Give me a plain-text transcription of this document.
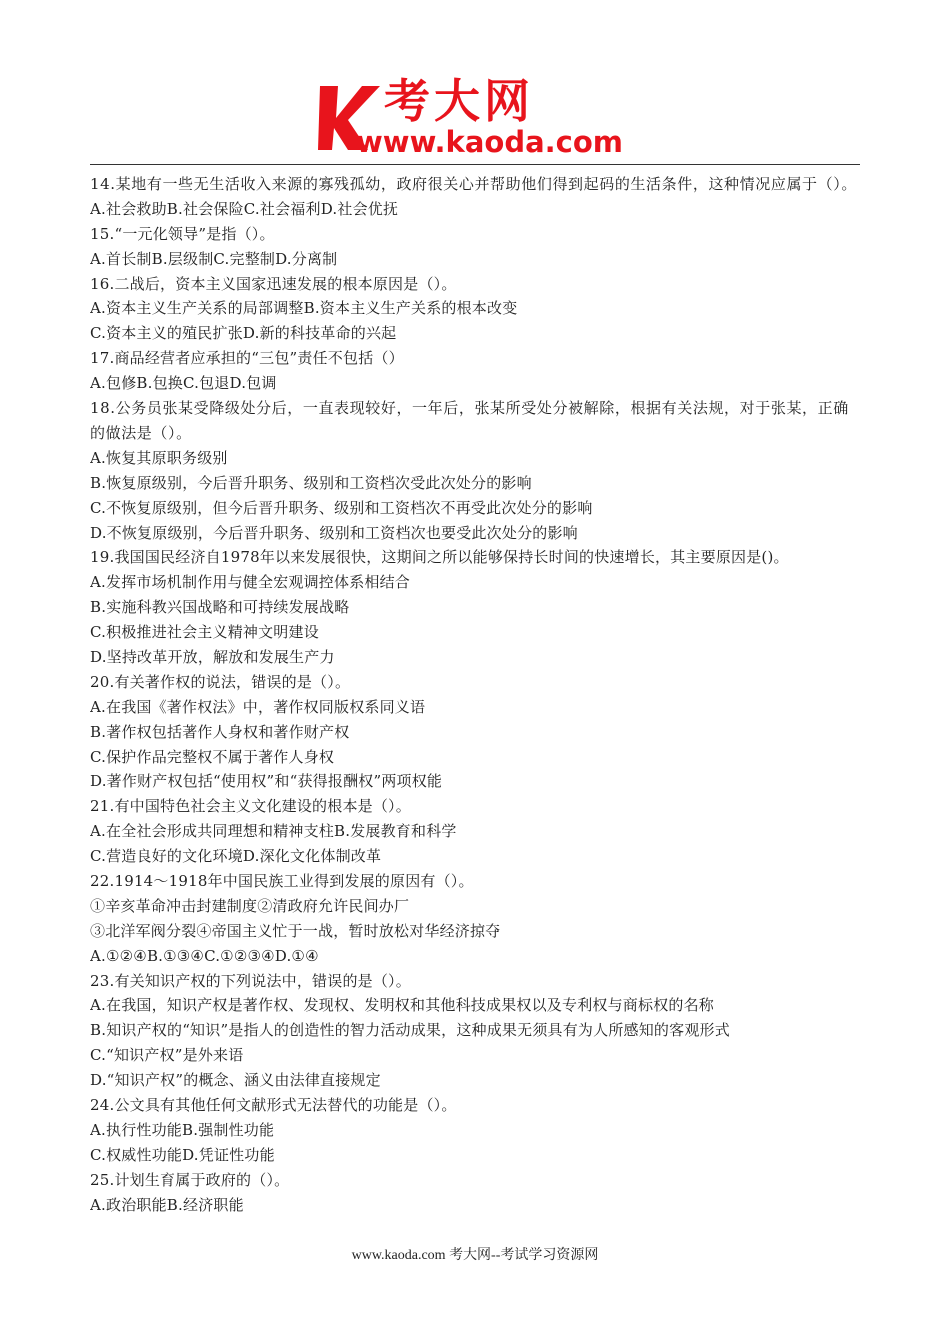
考大网
www.kaoda.com
14.某地有一些无生活收入来源的寡残孤幼，政府很关心并帮助他们得到起码的生活条件，这种情况应属于（）。
A.社会救助B.社会保险C.社会福利D.社会优抚
15.“一元化领导”是指（）。
A.首长制B.层级制C.完整制D.分离制
16.二战后，资本主义国家迅速发展的根本原因是（）。
A.资本主义生产关系的局部调整B.资本主义生产关系的根本改变
C.资本主义的殖民扩张D.新的科技革命的兴起
17.商品经营者应承担的“三包”责任不包括（）
A.包修B.包换C.包退D.包调
18.公务员张某受降级处分后，一直表现较好，一年后，张某所受处分被解除，根据有关法规，对于张某，正确的做法是（）。
A.恢复其原职务级别
B.恢复原级别，今后晋升职务、级别和工资档次受此次处分的影响
C.不恢复原级别，但今后晋升职务、级别和工资档次不再受此次处分的影响
D.不恢复原级别，今后晋升职务、级别和工资档次也要受此次处分的影响
19.我国国民经济自1978年以来发展很快，这期间之所以能够保持长时间的快速增长，其主要原因是()。
A.发挥市场机制作用与健全宏观调控体系相结合
B.实施科教兴国战略和可持续发展战略
C.积极推进社会主义精神文明建设
D.坚持改革开放，解放和发展生产力
20.有关著作权的说法，错误的是（）。
A.在我国《著作权法》中，著作权同版权系同义语
B.著作权包括著作人身权和著作财产权
C.保护作品完整权不属于著作人身权
D.著作财产权包括“使用权”和“获得报酬权”两项权能
21.有中国特色社会主义文化建设的根本是（）。
A.在全社会形成共同理想和精神支柱B.发展教育和科学
C.营造良好的文化环境D.深化文化体制改革
22.1914～1918年中国民族工业得到发展的原因有（）。
①辛亥革命冲击封建制度②清政府允许民间办厂
③北洋军阀分裂④帝国主义忙于一战，暂时放松对华经济掠夺
A.①②④B.①③④C.①②③④D.①④
23.有关知识产权的下列说法中，错误的是（）。
A.在我国，知识产权是著作权、发现权、发明权和其他科技成果权以及专利权与商标权的名称
B.知识产权的“知识”是指人的创造性的智力活动成果，这种成果无须具有为人所感知的客观形式
C.“知识产权”是外来语
D.“知识产权”的概念、涵义由法律直接规定
24.公文具有其他任何文献形式无法替代的功能是（）。
A.执行性功能B.强制性功能
C.权威性功能D.凭证性功能
25.计划生育属于政府的（）。
A.政治职能B.经济职能
www.kaoda.com 考大网--考试学习资源网
